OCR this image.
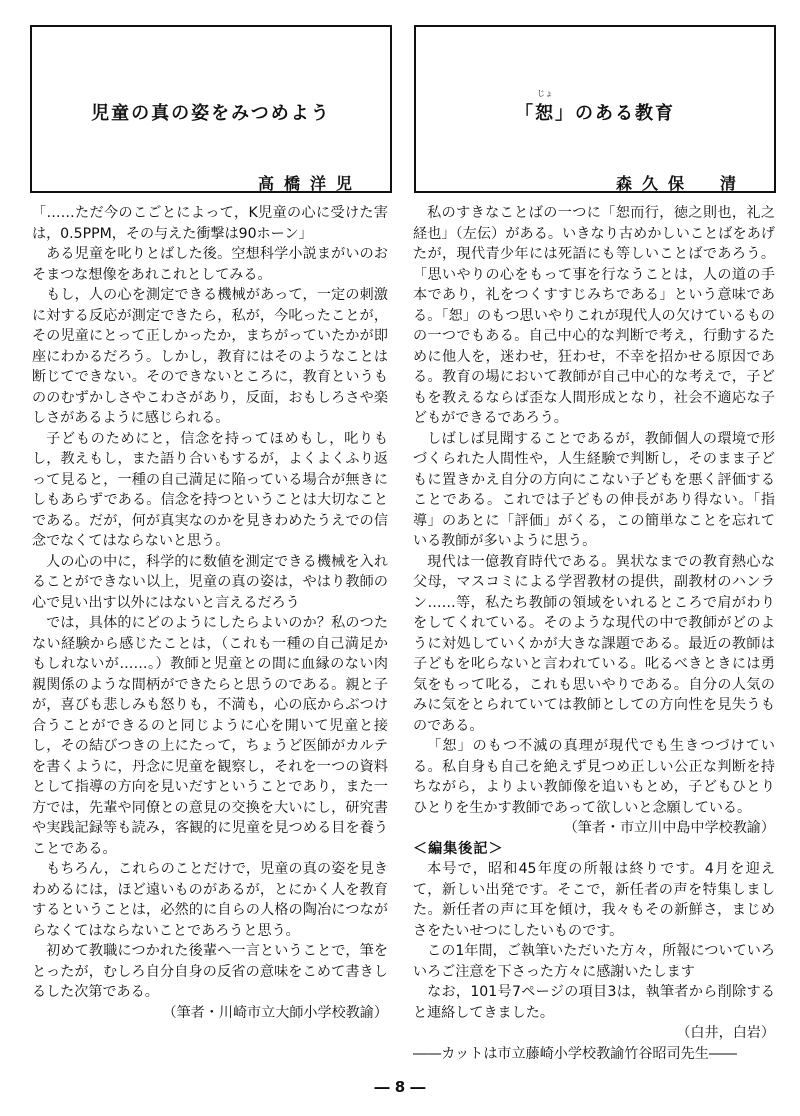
児童の真の姿をみつめよう
高橋洋児
「
じょ
恕」のある教育
森久保　清

「……ただ今のこごとによって，K児童の心に受けた害は，0.5PPM，その与えた衝撃は90ホーン」

ある児童を叱りとばした後。空想科学小説まがいのおそまつな想像をあれこれとしてみる。

もし，人の心を測定できる機械があって，一定の刺激に対する反応が測定できたら，私が，今叱ったことが，その児童にとって正しかったか，まちがっていたかが即座にわかるだろう。しかし，教育にはそのようなことは断じてできない。そのできないところに，教育というもののむずかしさやこわさがあり，反面，おもしろさや楽しさがあるように感じられる。

子どものためにと，信念を持ってほめもし，叱りもし，教えもし，また語り合いもするが，よくよくふり返って見ると，一種の自己満足に陥っている場合が無きにしもあらずである。信念を持つということは大切なことである。だが，何が真実なのかを見きわめたうえでの信念でなくてはならないと思う。

人の心の中に，科学的に数値を測定できる機械を入れることができない以上，児童の真の姿は，やはり教師の心で見い出す以外にはないと言えるだろう

では，具体的にどのようにしたらよいのか？私のつたない経験から感じたことは，（これも一種の自己満足かもしれないが……。）教師と児童との間に血縁のない肉親関係のような間柄ができたらと思うのである。親と子が，喜びも悲しみも怒りも，不満も，心の底からぶつけ合うことができるのと同じように心を開いて児童と接し，その結びつきの上にたって，ちょうど医師がカルテを書くように，丹念に児童を観察し，それを一つの資料として指導の方向を見いだすということであり，また一方では，先輩や同僚との意見の交換を大いにし，研究書や実践記録等も読み，客観的に児童を見つめる目を養うことである。

もちろん，これらのことだけで，児童の真の姿を見きわめるには，ほど遠いものがあるが，とにかく人を教育するということは，必然的に自らの人格の陶冶につながらなくてはならないことであろうと思う。

初めて教職につかれた後輩へ一言ということで，筆をとったが，むしろ自分自身の反省の意味をこめて書きしるした次第である。

（筆者・川崎市立大師小学校教諭）

私のすきなことばの一つに「恕而行，徳之則也，礼之経也」（左伝）がある。いきなり古めかしいことばをあげたが，現代青少年には死語にも等しいことばであろう。「思いやりの心をもって事を行なうことは，人の道の手本であり，礼をつくすすじみちである」という意味である。「恕」のもつ思いやりこれが現代人の欠けているものの一つでもある。自己中心的な判断で考え，行動するために他人を，迷わせ，狂わせ，不幸を招かせる原因である。教育の場において教師が自己中心的な考えで，子どもを教えるならば歪な人間形成となり，社会不適応な子どもができるであろう。

しばしば見聞することであるが，教師個人の環境で形づくられた人間性や，人生経験で判断し，そのまま子どもに置きかえ自分の方向にこない子どもを悪く評価することである。これでは子どもの伸長があり得ない。「指導」のあとに「評価」がくる，この簡単なことを忘れている教師が多いように思う。

現代は一億教育時代である。異状なまでの教育熱心な父母，マスコミによる学習教材の提供，副教材のハンラン……等，私たち教師の領域をいれるところで肩がわりをしてくれている。そのような現代の中で教師がどのように対処していくかが大きな課題である。最近の教師は子どもを叱らないと言われている。叱るべきときには勇気をもって叱る，これも思いやりである。自分の人気のみに気をとられていては教師としての方向性を見失うものである。

「恕」のもつ不滅の真理が現代でも生きつづけている。私自身も自己を絶えず見つめ正しい公正な判断を持ちながら，よりよい教師像を追いもとめ，子どもひとりひとりを生かす教師であって欲しいと念願している。

（筆者・市立川中島中学校教諭）

＜編集後記＞

本号で，昭和45年度の所報は終りです。4月を迎えて，新しい出発です。そこで，新任者の声を特集しました。新任者の声に耳を傾け，我々もその新鮮さ，まじめさをたいせつにしたいものです。

この1年間，ご執筆いただいた方々，所報についていろいろご注意を下さった方々に感謝いたします

なお，101号7ページの項目3は，執筆者から削除すると連絡してきました。

（白井，白岩）

――カットは市立藤崎小学校教諭竹谷昭司先生――

― 8 ―
